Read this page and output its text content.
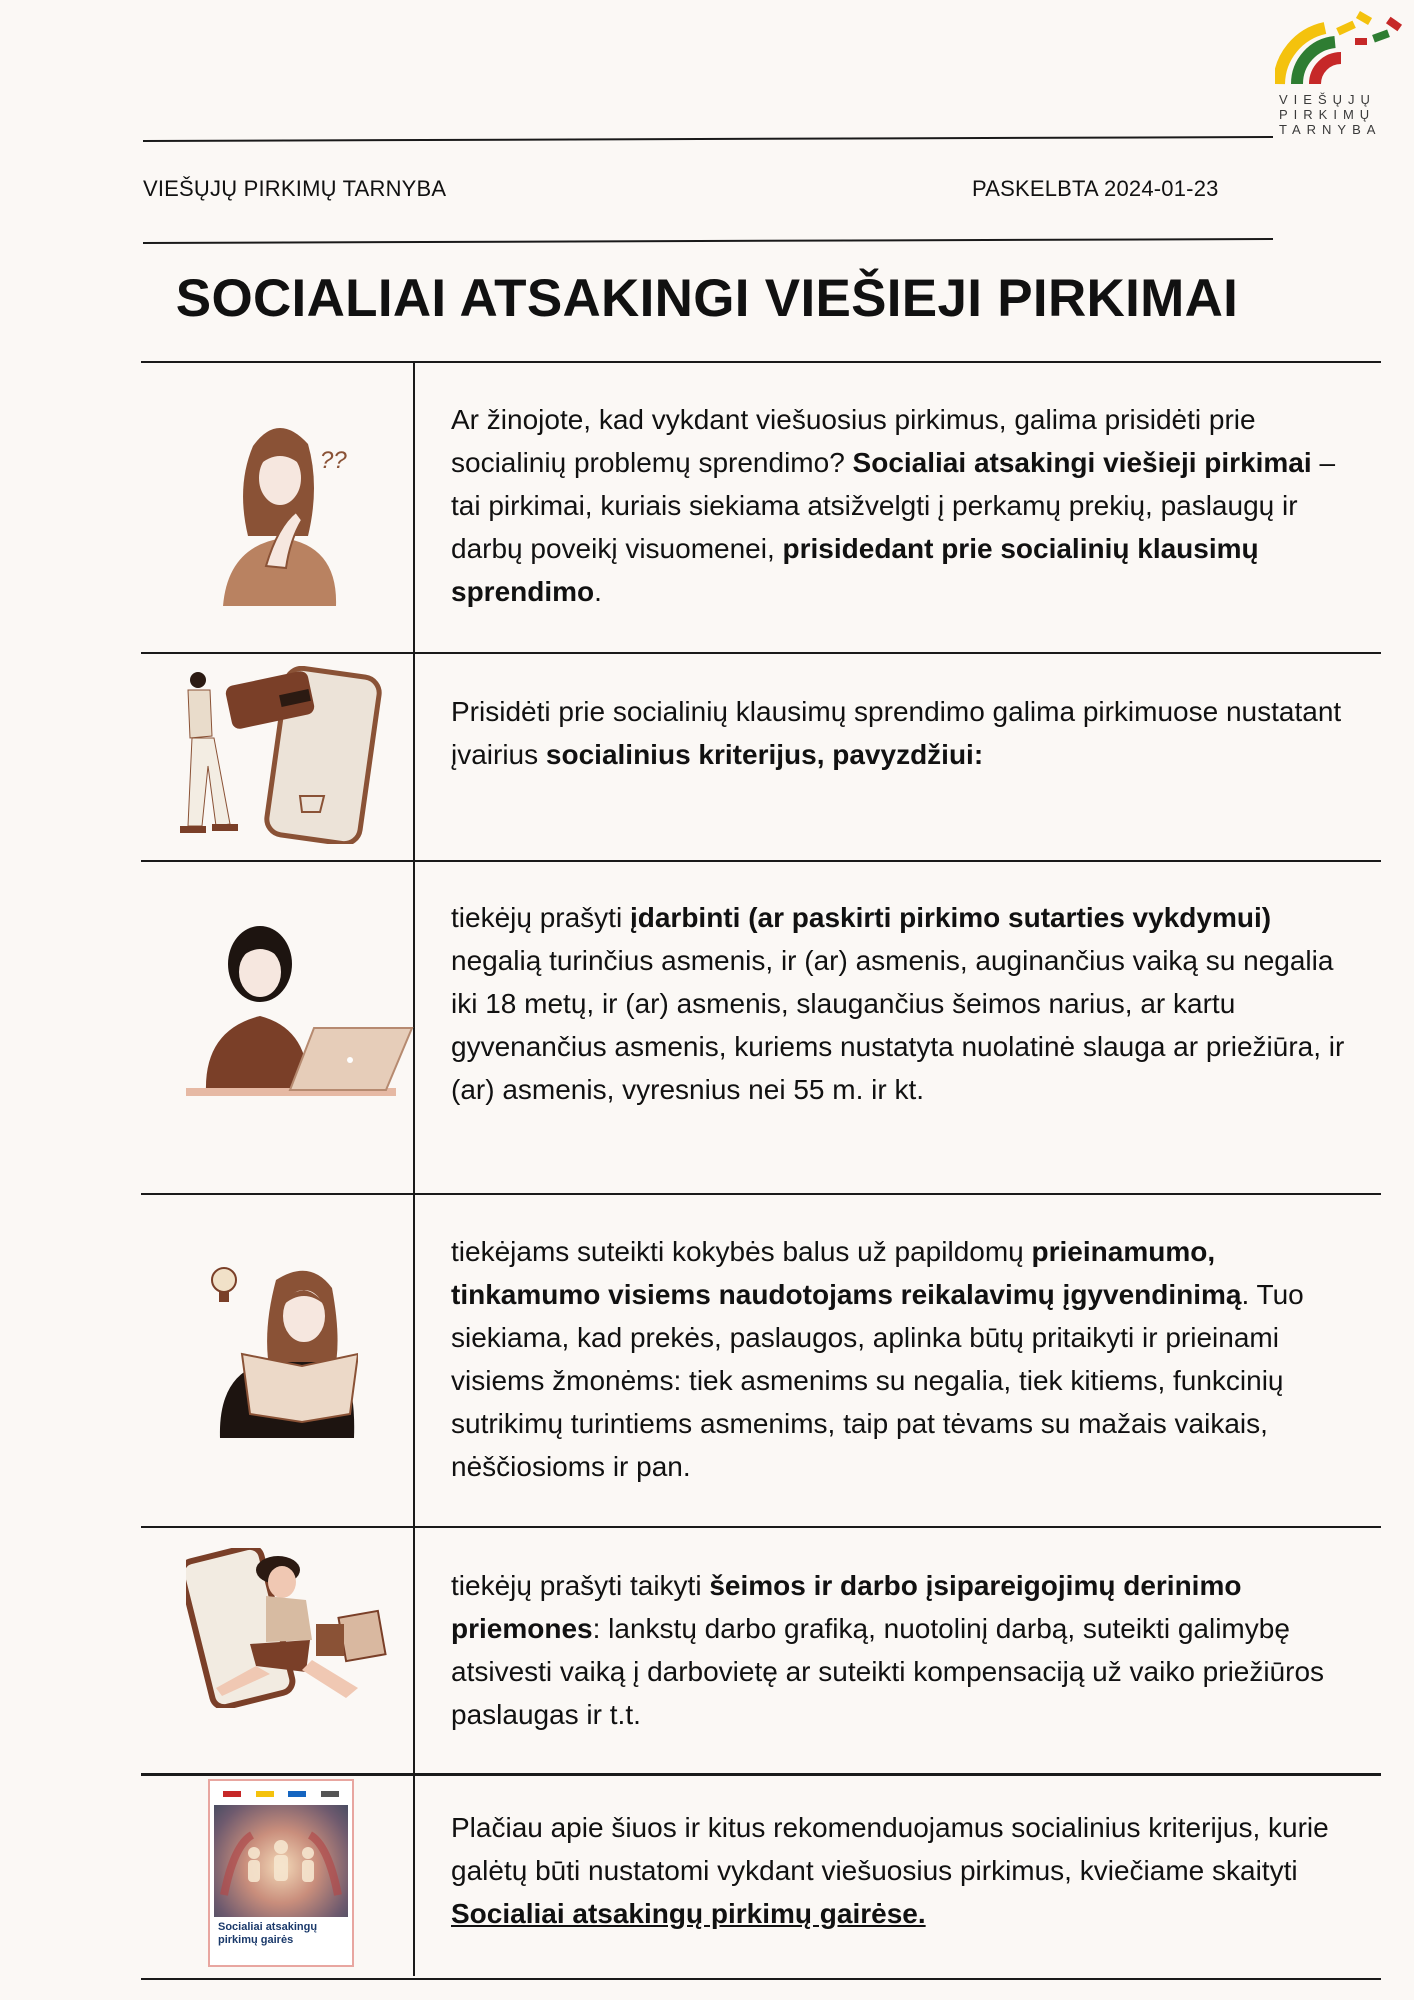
VIEŠŲJŲ
PIRKIMŲ
TARNYBA
VIEŠŲJŲ PIRKIMŲ TARNYBA	PASKELBTA 2024-01-23
SOCIALIAI ATSAKINGI VIEŠIEJI PIRKIMAI
??
Ar žinojote, kad vykdant viešuosius pirkimus, galima prisidėti prie socialinių problemų sprendimo? Socialiai atsakingi viešieji pirkimai – tai pirkimai, kuriais siekiama atsižvelgti į perkamų prekių, paslaugų ir darbų poveikį visuomenei, prisidedant prie socialinių klausimų sprendimo.
Prisidėti prie socialinių klausimų sprendimo galima pirkimuose nustatant įvairius socialinius kriterijus, pavyzdžiui:
tiekėjų prašyti įdarbinti (ar paskirti pirkimo sutarties vykdymui) negalią turinčius asmenis, ir (ar) asmenis, auginančius vaiką su negalia iki 18 metų, ir (ar) asmenis, slaugančius šeimos narius, ar kartu gyvenančius asmenis, kuriems nustatyta nuolatinė slauga ar priežiūra, ir (ar) asmenis, vyresnius nei 55 m. ir kt.
tiekėjams suteikti kokybės balus už papildomų prieinamumo, tinkamumo visiems naudotojams reikalavimų įgyvendinimą. Tuo siekiama, kad prekės, paslaugos, aplinka būtų pritaikyti ir prieinami visiems žmonėms: tiek asmenims su negalia, tiek kitiems, funkcinių sutrikimų turintiems asmenims, taip pat tėvams su mažais vaikais, nėščiosioms ir pan.
tiekėjų prašyti taikyti šeimos ir darbo įsipareigojimų derinimo priemones: lankstų darbo grafiką, nuotolinį darbą, suteikti galimybę atsivesti vaiką į darbovietę ar suteikti kompensaciją už vaiko priežiūros paslaugas ir t.t.
Socialiai atsakingų pirkimų gairės
Plačiau apie šiuos ir kitus rekomenduojamus socialinius kriterijus, kurie galėtų būti nustatomi vykdant viešuosius pirkimus, kviečiame skaityti Socialiai atsakingų pirkimų gairėse.
